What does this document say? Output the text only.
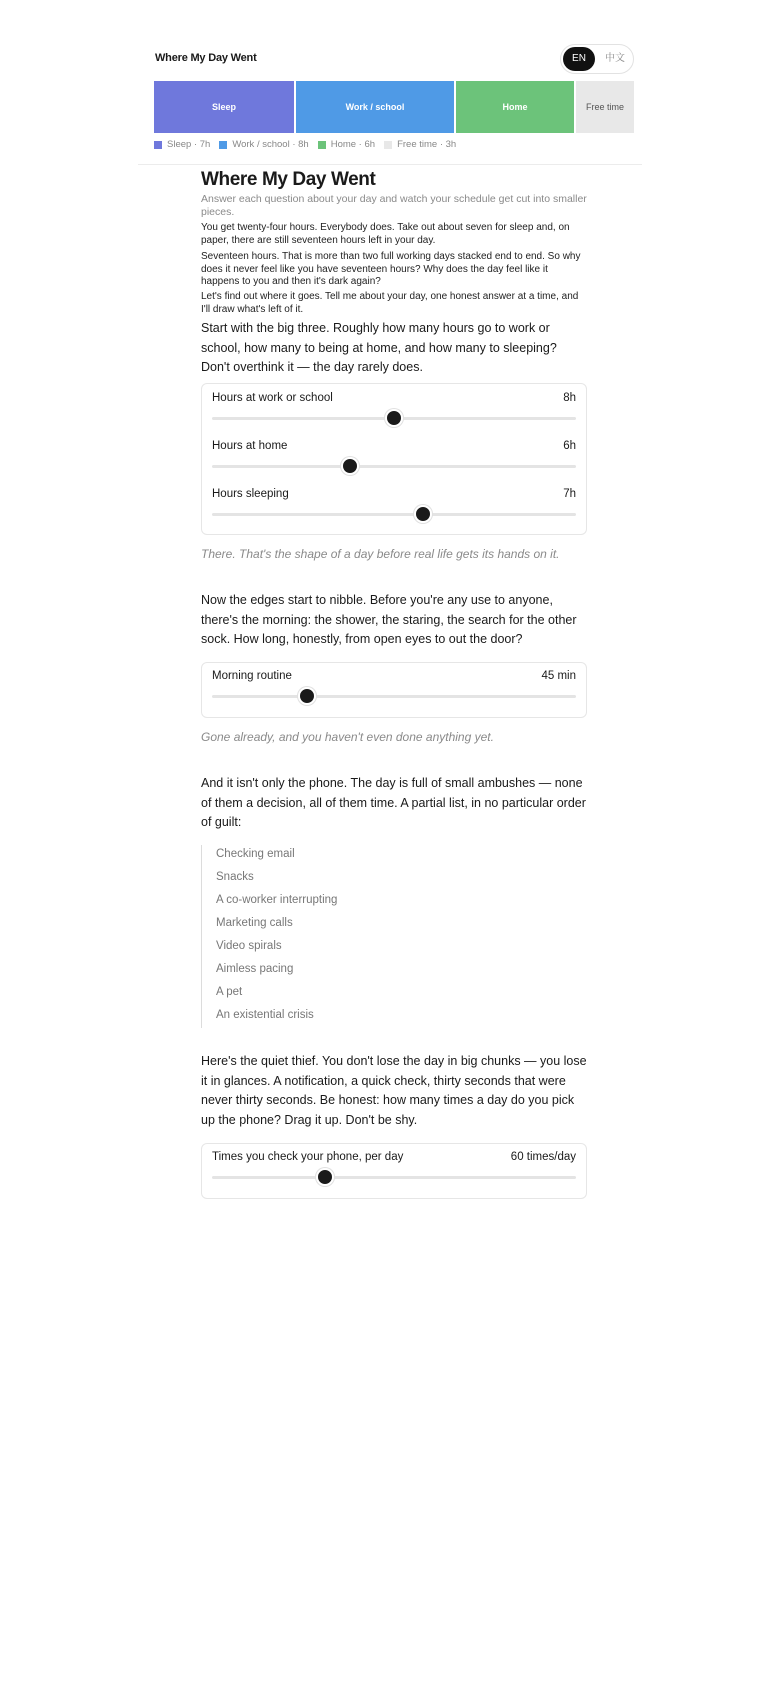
Where My Day Went	EN	中文
Sleep	Work / school	Home	Free time
Sleep · 7h Work / school · 8h Home · 6h Free time · 3h
Where My Day Went

Answer each question about your day and watch your schedule get cut into smaller pieces.

You get twenty-four hours. Everybody does. Take out about seven for sleep and, on paper, there are still seventeen hours left in your day.

Seventeen hours. That is more than two full working days stacked end to end. So why does it never feel like you have seventeen hours? Why does the day feel like it happens to you and then it's dark again?

Let's find out where it goes. Tell me about your day, one honest answer at a time, and I'll draw what's left of it.

Start with the big three. Roughly how many hours go to work or school, how many to being at home, and how many to sleeping? Don't overthink it — the day rarely does.

Hours at work or school	8h
Hours at home	6h
Hours sleeping	7h

There. That's the shape of a day before real life gets its hands on it.

Now the edges start to nibble. Before you're any use to anyone, there's the morning: the shower, the staring, the search for the other sock. How long, honestly, from open eyes to out the door?

Morning routine	45 min

Gone already, and you haven't even done anything yet.

And it isn't only the phone. The day is full of small ambushes — none of them a decision, all of them time. A partial list, in no particular order of guilt:

Checking email
Snacks
A co-worker interrupting
Marketing calls
Video spirals
Aimless pacing
A pet
An existential crisis

Here's the quiet thief. You don't lose the day in big chunks — you lose it in glances. A notification, a quick check, thirty seconds that were never thirty seconds. Be honest: how many times a day do you pick up the phone? Drag it up. Don't be shy.

Times you check your phone, per day	60 times/day
